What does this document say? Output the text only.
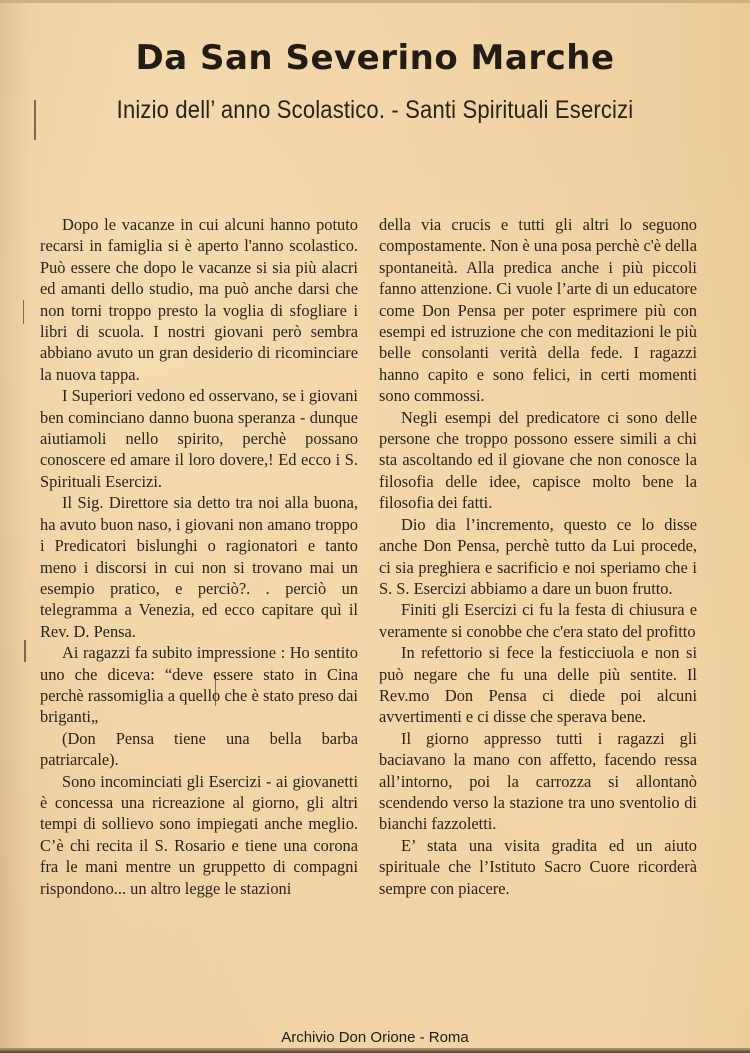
Da San Severino Marche
Inizio dell’ anno Scolastico. - Santi Spirituali Esercizi

Dopo le vacanze in cui alcuni hanno potuto recarsi in famiglia si è aperto l'anno scolastico. Può essere che dopo le vacanze si sia più alacri ed amanti dello studio, ma può anche darsi che non torni troppo presto la voglia di sfogliare i libri di scuola. I nostri giovani però sembra abbiano avuto un gran desiderio di ricominciare la nuova tappa.

I Superiori vedono ed osservano, se i giovani ben cominciano danno buona speranza - dunque aiutiamoli nello spirito, perchè possano conoscere ed amare il loro dovere,! Ed ecco i S. Spirituali Esercizi.

Il Sig. Direttore sia detto tra noi alla buona, ha avuto buon naso, i giovani non amano troppo i Predicatori bislunghi o ragionatori e tanto meno i discorsi in cui non si trovano mai un esempio pratico, e perciò?. . perciò un telegramma a Venezia, ed ecco capitare quì il Rev. D. Pensa.

Ai ragazzi fa subito impressione : Ho sentito uno che diceva: “deve essere stato in Cina perchè rassomiglia a quello che è stato preso dai briganti„

(Don Pensa tiene una bella barba patriarcale).

Sono incominciati gli Esercizi - ai giovanetti è concessa una ricreazione al giorno, gli altri tempi di sollievo sono impiegati anche meglio. C’è chi recita il S. Rosario e tiene una corona fra le mani mentre un gruppetto di compagni rispondono... un altro legge le stazioni

della via crucis e tutti gli altri lo seguono compostamente. Non è una posa perchè c'è della spontaneità. Alla predica anche i più piccoli fanno attenzione. Ci vuole l’arte di un educatore come Don Pensa per poter esprimere più con esempi ed istruzione che con meditazioni le più belle consolanti verità della fede. I ragazzi hanno capito e sono felici, in certi momenti sono commossi.

Negli esempi del predicatore ci sono delle persone che troppo possono essere simili a chi sta ascoltando ed il giovane che non conosce la filosofia delle idee, capisce molto bene la filosofia dei fatti.

Dio dia l’incremento, questo ce lo disse anche Don Pensa, perchè tutto da Lui procede, ci sia preghiera e sacrificio e noi speriamo che i S. S. Esercizi abbiamo a dare un buon frutto.

Finiti gli Esercizi ci fu la festa di chiusura e veramente si conobbe che c'era stato del profitto

In refettorio si fece la festicciuola e non si può negare che fu una delle più sentite. Il Rev.mo Don Pensa ci diede poi alcuni avvertimenti e ci disse che sperava bene.

Il giorno appresso tutti i ragazzi gli baciavano la mano con affetto, facendo ressa all’intorno, poi la carrozza si allontanò scendendo verso la stazione tra uno sventolio di bianchi fazzoletti.

E’ stata una visita gradita ed un aiuto spirituale che l’Istituto Sacro Cuore ricorderà sempre con piacere.

Archivio Don Orione - Roma
